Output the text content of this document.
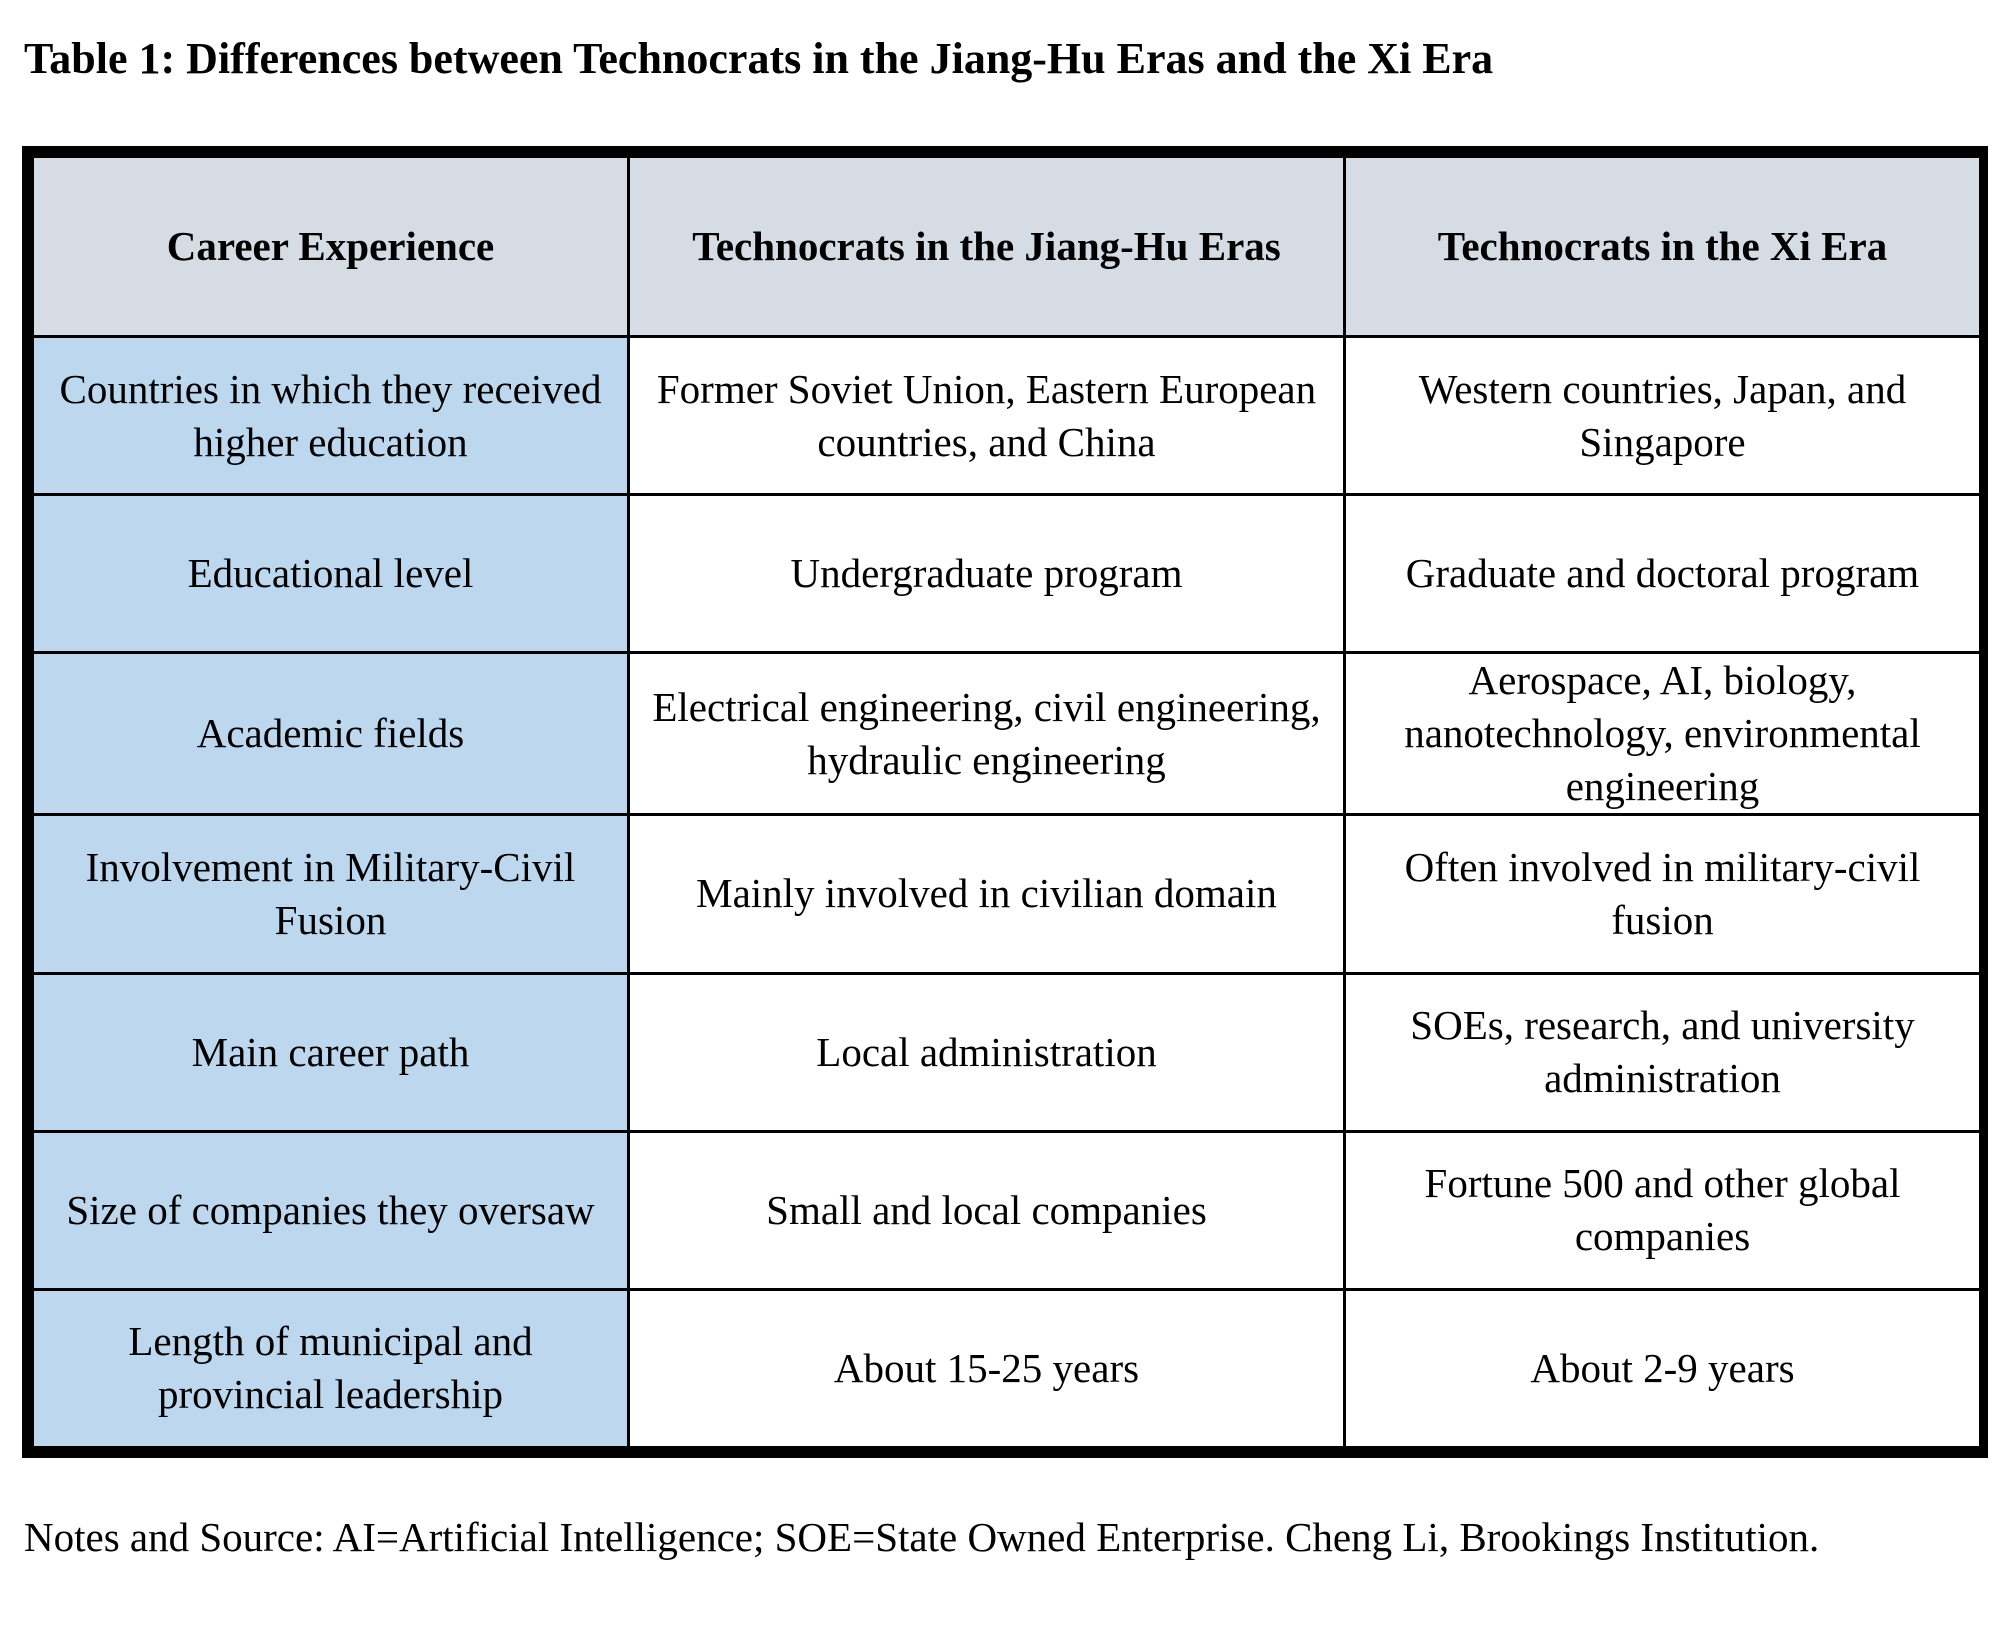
Table 1: Differences between Technocrats in the Jiang-Hu Eras and the Xi Era
Career Experience	Technocrats in the Jiang-Hu Eras	Technocrats in the Xi Era
Countries in which they received higher education	Former Soviet Union, Eastern European countries, and China	Western countries, Japan, and Singapore
Educational level	Undergraduate program	Graduate and doctoral program
Academic fields	Electrical engineering, civil engineering, hydraulic engineering	Aerospace, AI, biology, nanotechnology, environmental engineering
Involvement in Military-Civil Fusion	Mainly involved in civilian domain	Often involved in military-civil fusion
Main career path	Local administration	SOEs, research, and university administration
Size of companies they oversaw	Small and local companies	Fortune 500 and other global companies
Length of municipal and provincial leadership	About 15-25 years	About 2-9 years
Notes and Source: AI=Artificial Intelligence; SOE=State Owned Enterprise. Cheng Li, Brookings Institution.
